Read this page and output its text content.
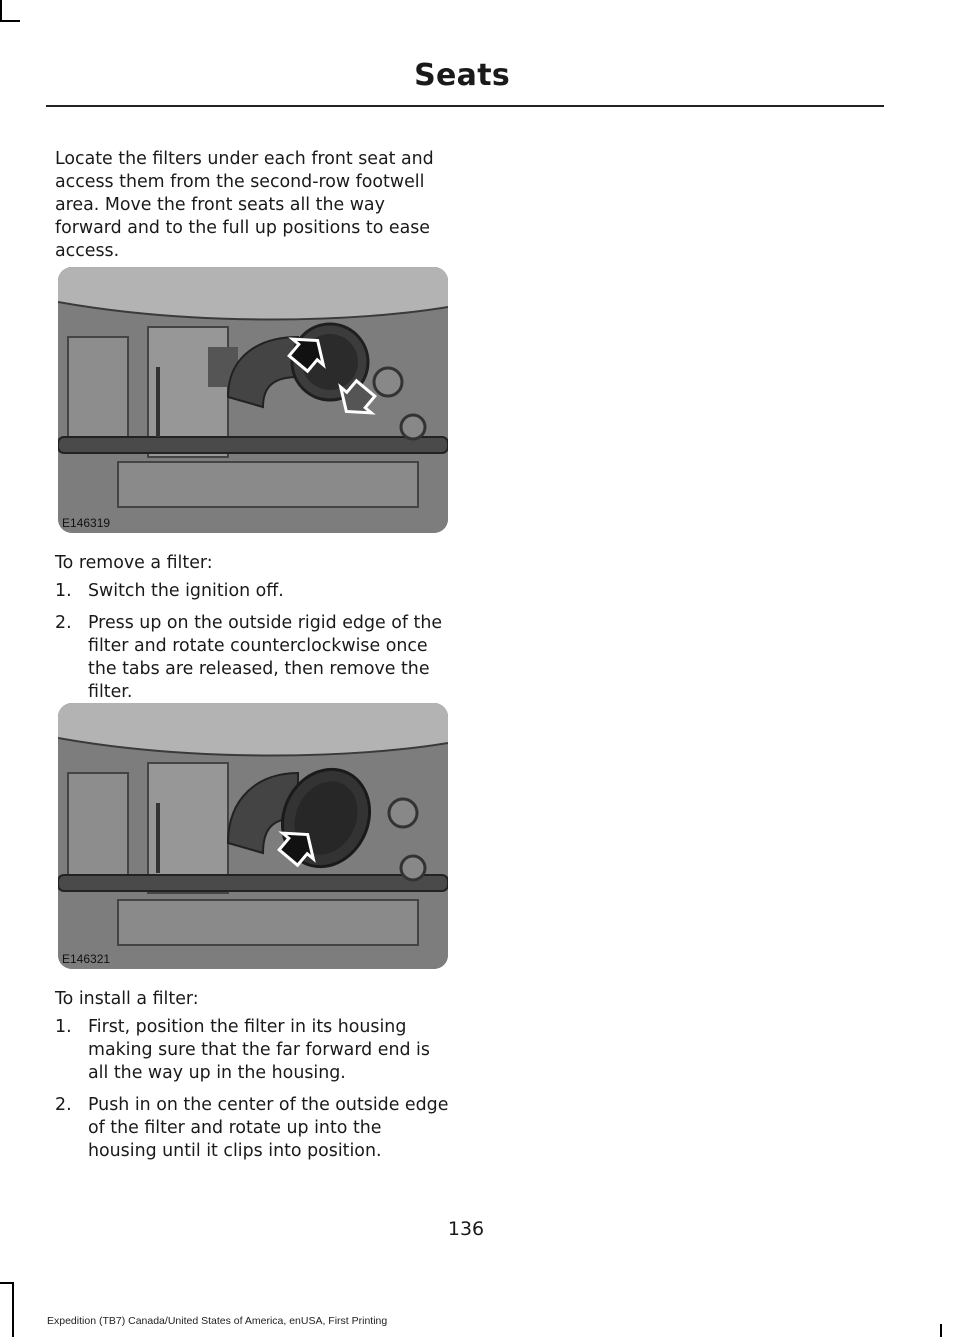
Seats

Locate the filters under each front seat and access them from the second-row footwell area. Move the front seats all the way forward and to the full up positions to ease access.

E146319
To remove a filter:
1. Switch the ignition off.
2. Press up on the outside rigid edge of the filter and rotate counterclockwise once the tabs are released, then remove the filter.
E146321
To install a filter:
1. First, position the filter in its housing making sure that the far forward end is all the way up in the housing.
2. Push in on the center of the outside edge of the filter and rotate up into the housing until it clips into position.
136
Expedition (TB7) Canada/United States of America, enUSA, First Printing
